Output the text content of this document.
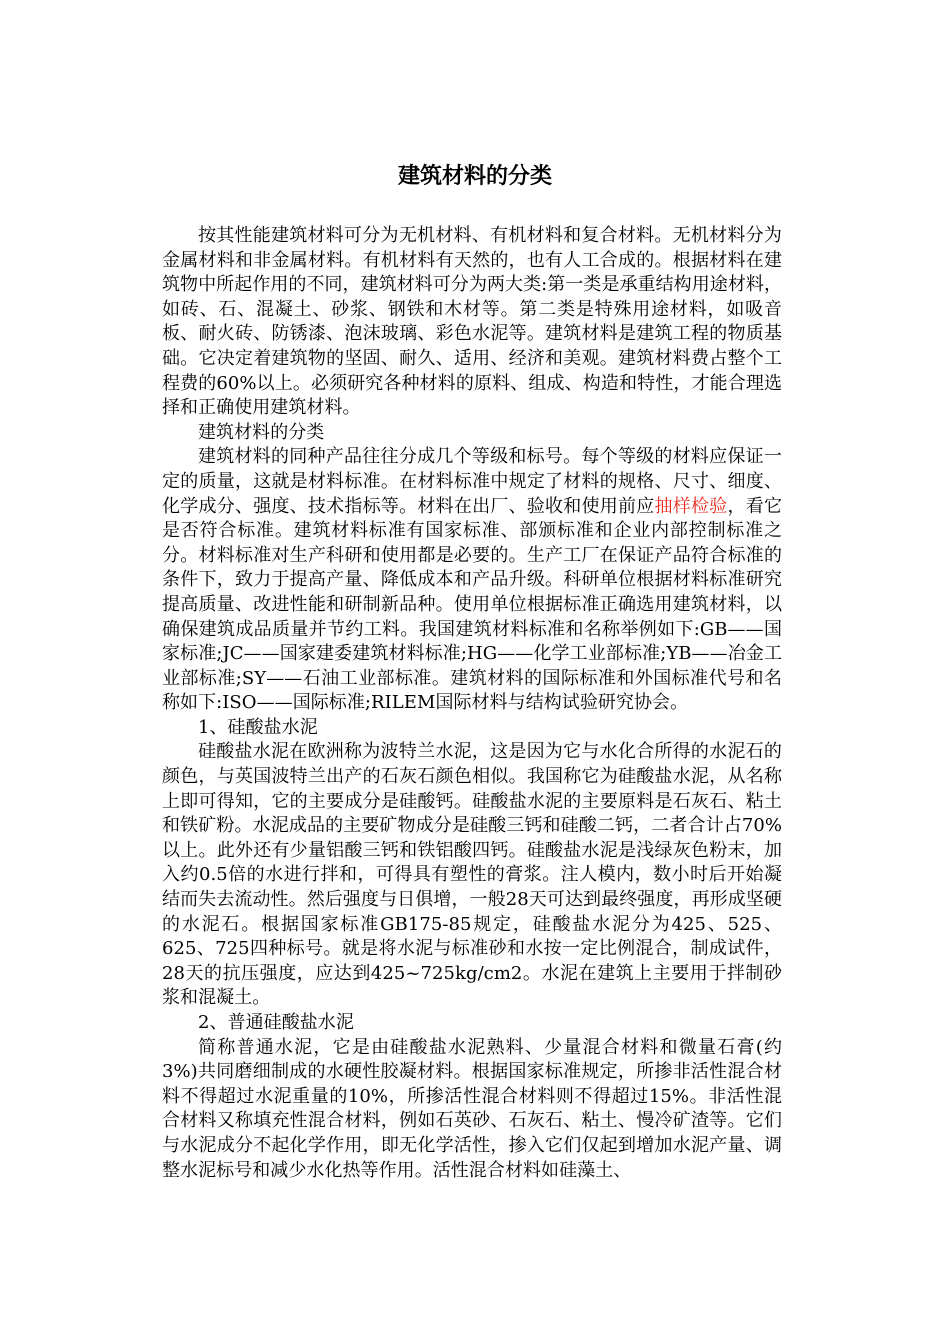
建筑材料的分类

按其性能建筑材料可分为无机材料、有机材料和复合材料。无机材料分为金属材料和非金属材料。有机材料有天然的，也有人工合成的。根据材料在建筑物中所起作用的不同，建筑材料可分为两大类:第一类是承重结构用途材料，如砖、石、混凝土、砂浆、钢铁和木材等。第二类是特殊用途材料，如吸音板、耐火砖、防锈漆、泡沫玻璃、彩色水泥等。建筑材料是建筑工程的物质基础。它决定着建筑物的坚固、耐久、适用、经济和美观。建筑材料费占整个工程费的60%以上。必须研究各种材料的原料、组成、构造和特性，才能合理选择和正确使用建筑材料。

建筑材料的分类

建筑材料的同种产品往往分成几个等级和标号。每个等级的材料应保证一定的质量，这就是材料标准。在材料标准中规定了材料的规格、尺寸、细度、化学成分、强度、技术指标等。材料在出厂、验收和使用前应抽样检验，看它是否符合标准。建筑材料标准有国家标准、部颁标准和企业内部控制标准之分。材料标准对生产科研和使用都是必要的。生产工厂在保证产品符合标准的条件下，致力于提高产量、降低成本和产品升级。科研单位根据材料标准研究提高质量、改进性能和研制新品种。使用单位根据标准正确选用建筑材料，以确保建筑成品质量并节约工料。我国建筑材料标准和名称举例如下:GB——国家标准;JC——国家建委建筑材料标准;HG——化学工业部标准;YB——冶金工业部标准;SY——石油工业部标准。建筑材料的国际标准和外国标准代号和名称如下:ISO——国际标准;RILEM国际材料与结构试验研究协会。

1、硅酸盐水泥

硅酸盐水泥在欧洲称为波特兰水泥，这是因为它与水化合所得的水泥石的颜色，与英国波特兰出产的石灰石颜色相似。我国称它为硅酸盐水泥，从名称上即可得知，它的主要成分是硅酸钙。硅酸盐水泥的主要原料是石灰石、粘土和铁矿粉。水泥成品的主要矿物成分是硅酸三钙和硅酸二钙，二者合计占70%以上。此外还有少量铝酸三钙和铁铝酸四钙。硅酸盐水泥是浅绿灰色粉末，加入约0.5倍的水进行拌和，可得具有塑性的膏浆。注人模内，数小时后开始凝结而失去流动性。然后强度与日俱增，一般28天可达到最终强度，再形成坚硬的水泥石。根据国家标准GB175-85规定，硅酸盐水泥分为425、525、625、725四种标号。就是将水泥与标准砂和水按一定比例混合，制成试件，28天的抗压强度，应达到425~725kg/cm2。水泥在建筑上主要用于拌制砂浆和混凝土。

2、普通硅酸盐水泥

简称普通水泥，它是由硅酸盐水泥熟料、少量混合材料和微量石膏(约3%)共同磨细制成的水硬性胶凝材料。根据国家标准规定，所掺非活性混合材料不得超过水泥重量的10%，所掺活性混合材料则不得超过15%。非活性混合材料又称填充性混合材料，例如石英砂、石灰石、粘土、慢冷矿渣等。它们与水泥成分不起化学作用，即无化学活性，掺入它们仅起到增加水泥产量、调整水泥标号和减少水化热等作用。活性混合材料如硅藻土、
